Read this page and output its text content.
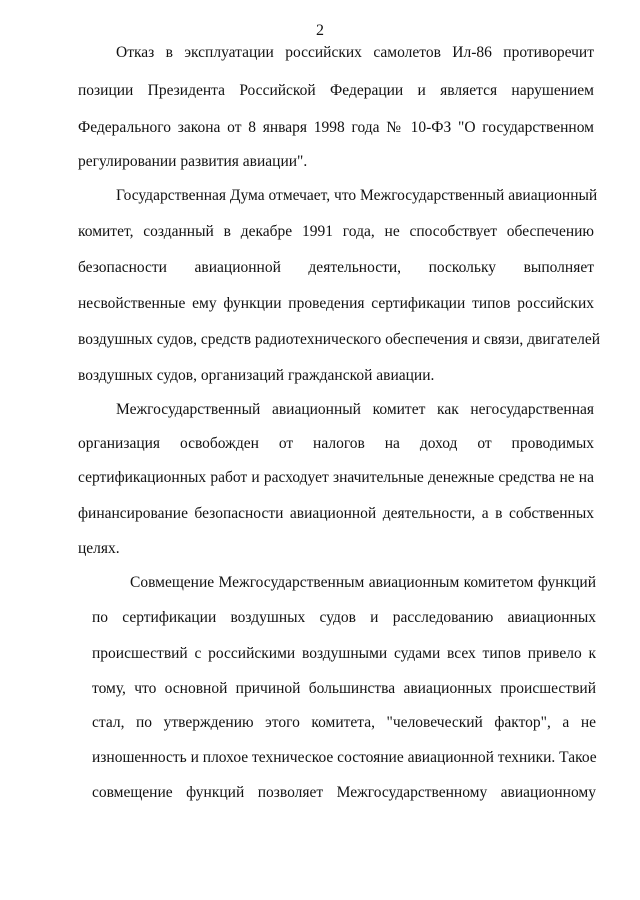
2
Отказ в эксплуатации российских самолетов Ил-86 противоречит
позиции Президента Российской Федерации и является нарушением
Федерального закона от 8 января 1998 года № 10-ФЗ "О государственном
регулировании развития авиации".
Государственная Дума отмечает, что Межгосударственный авиационный
комитет, созданный в декабре 1991 года, не способствует обеспечению
безопасности авиационной деятельности, поскольку выполняет
несвойственные ему функции проведения сертификации типов российских
воздушных судов, средств радиотехнического обеспечения и связи, двигателей
воздушных судов, организаций гражданской авиации.
Межгосударственный авиационный комитет как негосударственная
организация освобожден от налогов на доход от проводимых
сертификационных работ и расходует значительные денежные средства не на
финансирование безопасности авиационной деятельности, а в собственных
целях.
Совмещение Межгосударственным авиационным комитетом функций
по сертификации воздушных судов и расследованию авиационных
происшествий с российскими воздушными судами всех типов привело к
тому, что основной причиной большинства авиационных происшествий
стал, по утверждению этого комитета, "человеческий фактор", а не
изношенность и плохое техническое состояние авиационной техники. Такое
совмещение функций позволяет Межгосударственному авиационному
